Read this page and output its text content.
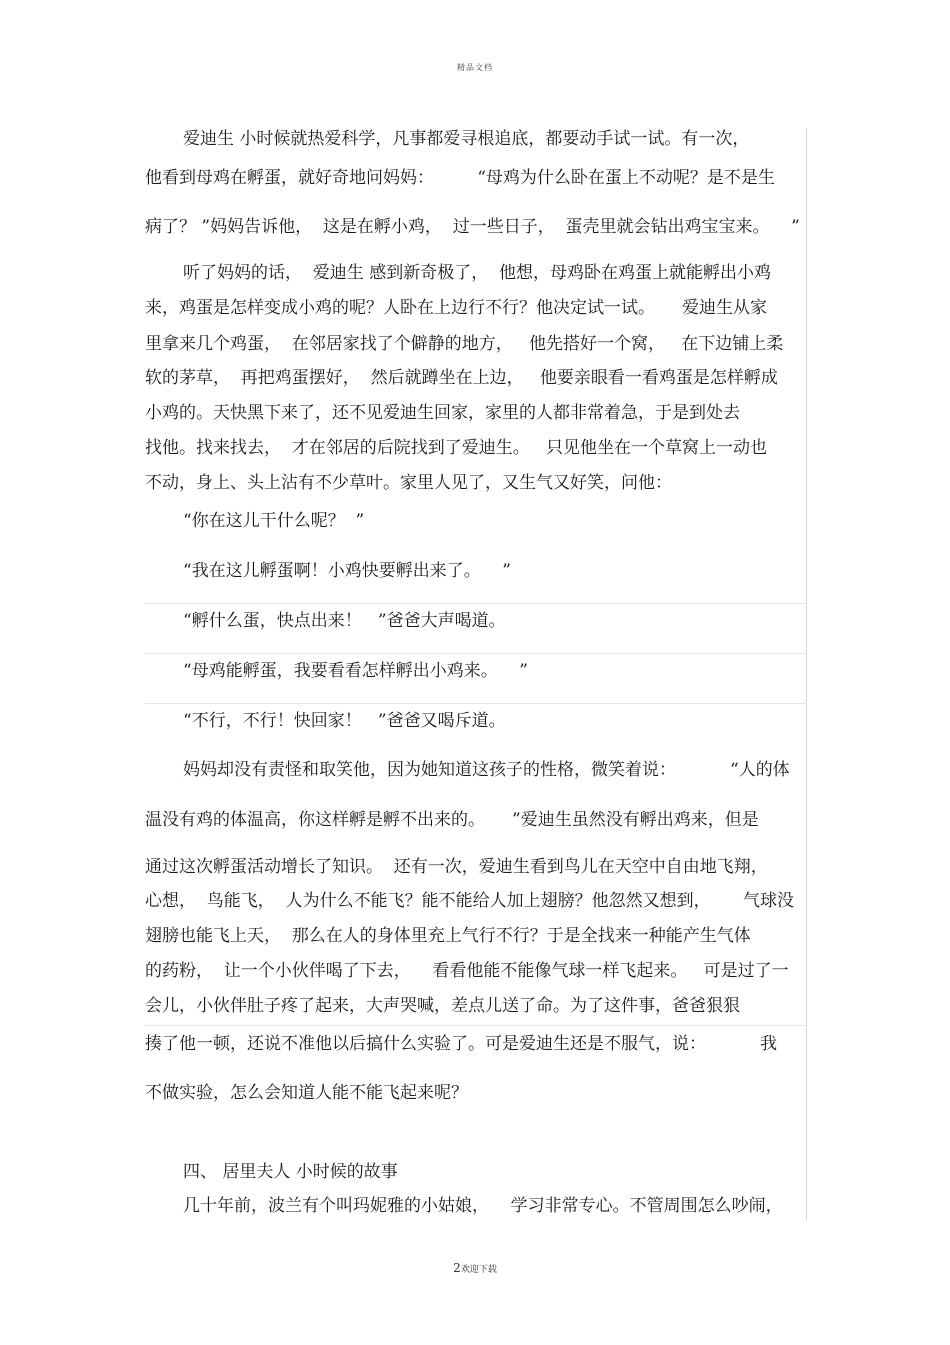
精品文档
爱迪生 小时候就热爱科学，凡事都爱寻根追底，都要动手试一试。有一次，
他看到母鸡在孵蛋，就好奇地问妈妈：        “母鸡为什么卧在蛋上不动呢？是不是生
病了？ ”妈妈告诉他，  这是在孵小鸡，  过一些日子，  蛋壳里就会钻出鸡宝宝来。    ”
听了妈妈的话，  爱迪生 感到新奇极了，  他想，母鸡卧在鸡蛋上就能孵出小鸡
来，鸡蛋是怎样变成小鸡的呢？人卧在上边行不行？他决定试一试。     爱迪生从家
里拿来几个鸡蛋，  在邻居家找了个僻静的地方，   他先搭好一个窝，   在下边铺上柔
软的茅草，  再把鸡蛋摆好，  然后就蹲坐在上边，   他要亲眼看一看鸡蛋是怎样孵成
小鸡的。天快黑下来了，还不见爱迪生回家，家里的人都非常着急，于是到处去
找他。找来找去，  才在邻居的后院找到了爱迪生。   只见他坐在一个草窝上一动也
不动，身上、头上沾有不少草叶。家里人见了，又生气又好笑，问他：
“你在这儿干什么呢？  ”
“我在这儿孵蛋啊！小鸡快要孵出来了。    ”
“孵什么蛋，快点出来！   ”爸爸大声喝道。
“母鸡能孵蛋，我要看看怎样孵出小鸡来。    ”
“不行，不行！快回家！   ”爸爸又喝斥道。
妈妈却没有责怪和取笑他，因为她知道这孩子的性格，微笑着说：          “人的体
温没有鸡的体温高，你这样孵是孵不出来的。     ”爱迪生虽然没有孵出鸡来，但是
通过这次孵蛋活动增长了知识。  还有一次，爱迪生看到鸟儿在天空中自由地飞翔，
心想，  鸟能飞，  人为什么不能飞？能不能给人加上翅膀？他忽然又想到，      气球没
翅膀也能飞上天，  那么在人的身体里充上气行不行？于是全找来一种能产生气体
的药粉，  让一个小伙伴喝了下去，    看看他能不能像气球一样飞起来。   可是过了一
会儿，小伙伴肚子疼了起来，大声哭喊，差点儿送了命。为了这件事，爸爸狠狠
揍了他一顿，还说不准他以后搞什么实验了。可是爱迪生还是不服气，说：          我
不做实验，怎么会知道人能不能飞起来呢？
四、 居里夫人 小时候的故事
几十年前，波兰有个叫玛妮雅的小姑娘，    学习非常专心。不管周围怎么吵闹，
2欢迎下载
